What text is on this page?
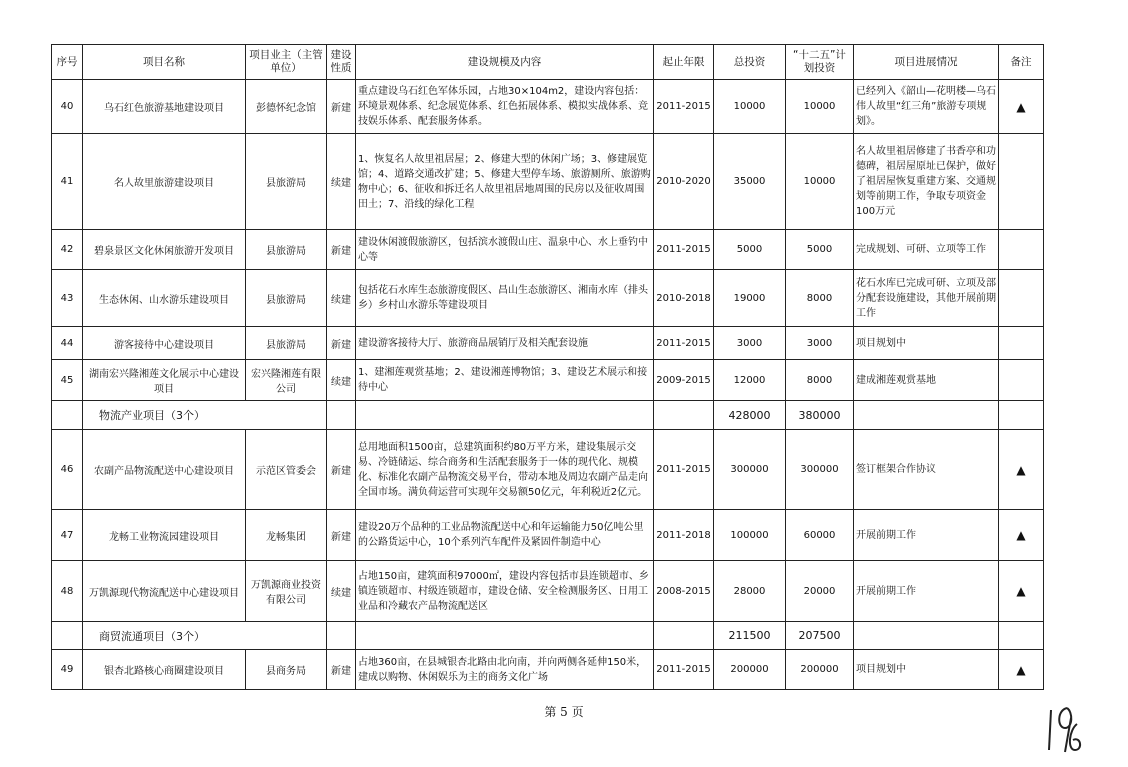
序号	项目名称	项目业主（主管单位）	建设性质	建设规模及内容	起止年限	总投资	“十二五”计划投资	项目进展情况	备注
40	乌石红色旅游基地建设项目	彭德怀纪念馆	新建	重点建设乌石红色军体乐园，占地30×104m2，建设内容包括：环境景观体系、纪念展览体系、红色拓展体系、模拟实战体系、竞技娱乐体系、配套服务体系。	2011-2015	10000	10000	已经列入《韶山—花明楼—乌石伟人故里“红三角”旅游专项规划》。	▲
41	名人故里旅游建设项目	县旅游局	续建	1、恢复名人故里祖居屋；2、修建大型的休闲广场；3、修建展览馆；4、道路交通改扩建；5、修建大型停车场、旅游厕所、旅游购物中心；6、征收和拆迁名人故里祖居地周围的民房以及征收周围田土；7、沿线的绿化工程	2010-2020	35000	10000	名人故里祖居修建了书香亭和功德碑，祖居屋原址已保护，做好了祖居屋恢复重建方案、交通规划等前期工作，争取专项资金100万元	
42	碧泉景区文化休闲旅游开发项目	县旅游局	新建	建设休闲渡假旅游区，包括滨水渡假山庄、温泉中心、水上垂钓中心等	2011-2015	5000	5000	完成规划、可研、立项等工作	
43	生态休闲、山水游乐建设项目	县旅游局	续建	包括花石水库生态旅游度假区、昌山生态旅游区、湘南水库（排头乡）乡村山水游乐等建设项目	2010-2018	19000	8000	花石水库已完成可研、立项及部分配套设施建设，其他开展前期工作	
44	游客接待中心建设项目	县旅游局	新建	建设游客接待大厅、旅游商品展销厅及相关配套设施	2011-2015	3000	3000	项目规划中	
45	湖南宏兴隆湘莲文化展示中心建设项目	宏兴隆湘莲有限公司	续建	1、建湘莲观赏基地；2、建设湘莲博物馆；3、建设艺术展示和接待中心	2009-2015	12000	8000	建成湘莲观赏基地	
	物流产业项目（3个）					428000	380000		
46	农副产品物流配送中心建设项目	示范区管委会	新建	总用地面积1500亩，总建筑面积约80万平方米，建设集展示交易、冷链储运、综合商务和生活配套服务于一体的现代化、规模化、标准化农副产品物流交易平台，带动本地及周边农副产品走向全国市场。满负荷运营可实现年交易额50亿元，年利税近2亿元。	2011-2015	300000	300000	签订框架合作协议	▲
47	龙畅工业物流园建设项目	龙畅集团	新建	建设20万个品种的工业品物流配送中心和年运输能力50亿吨公里的公路货运中心，10个系列汽车配件及紧固件制造中心	2011-2018	100000	60000	开展前期工作	▲
48	万凯源现代物流配送中心建设项目	万凯源商业投资有限公司	续建	占地150亩，建筑面积97000㎡，建设内容包括市县连锁超市、乡镇连锁超市、村级连锁超市，建设仓储、安全检测服务区、日用工业品和冷藏农产品物流配送区	2008-2015	28000	20000	开展前期工作	▲
	商贸流通项目（3个）					211500	207500		
49	银杏北路核心商圈建设项目	县商务局	新建	占地360亩，在县城银杏北路由北向南，并向两侧各延伸150米，建成以购物、休闲娱乐为主的商务文化广场	2011-2015	200000	200000	项目规划中	▲
第 5 页
